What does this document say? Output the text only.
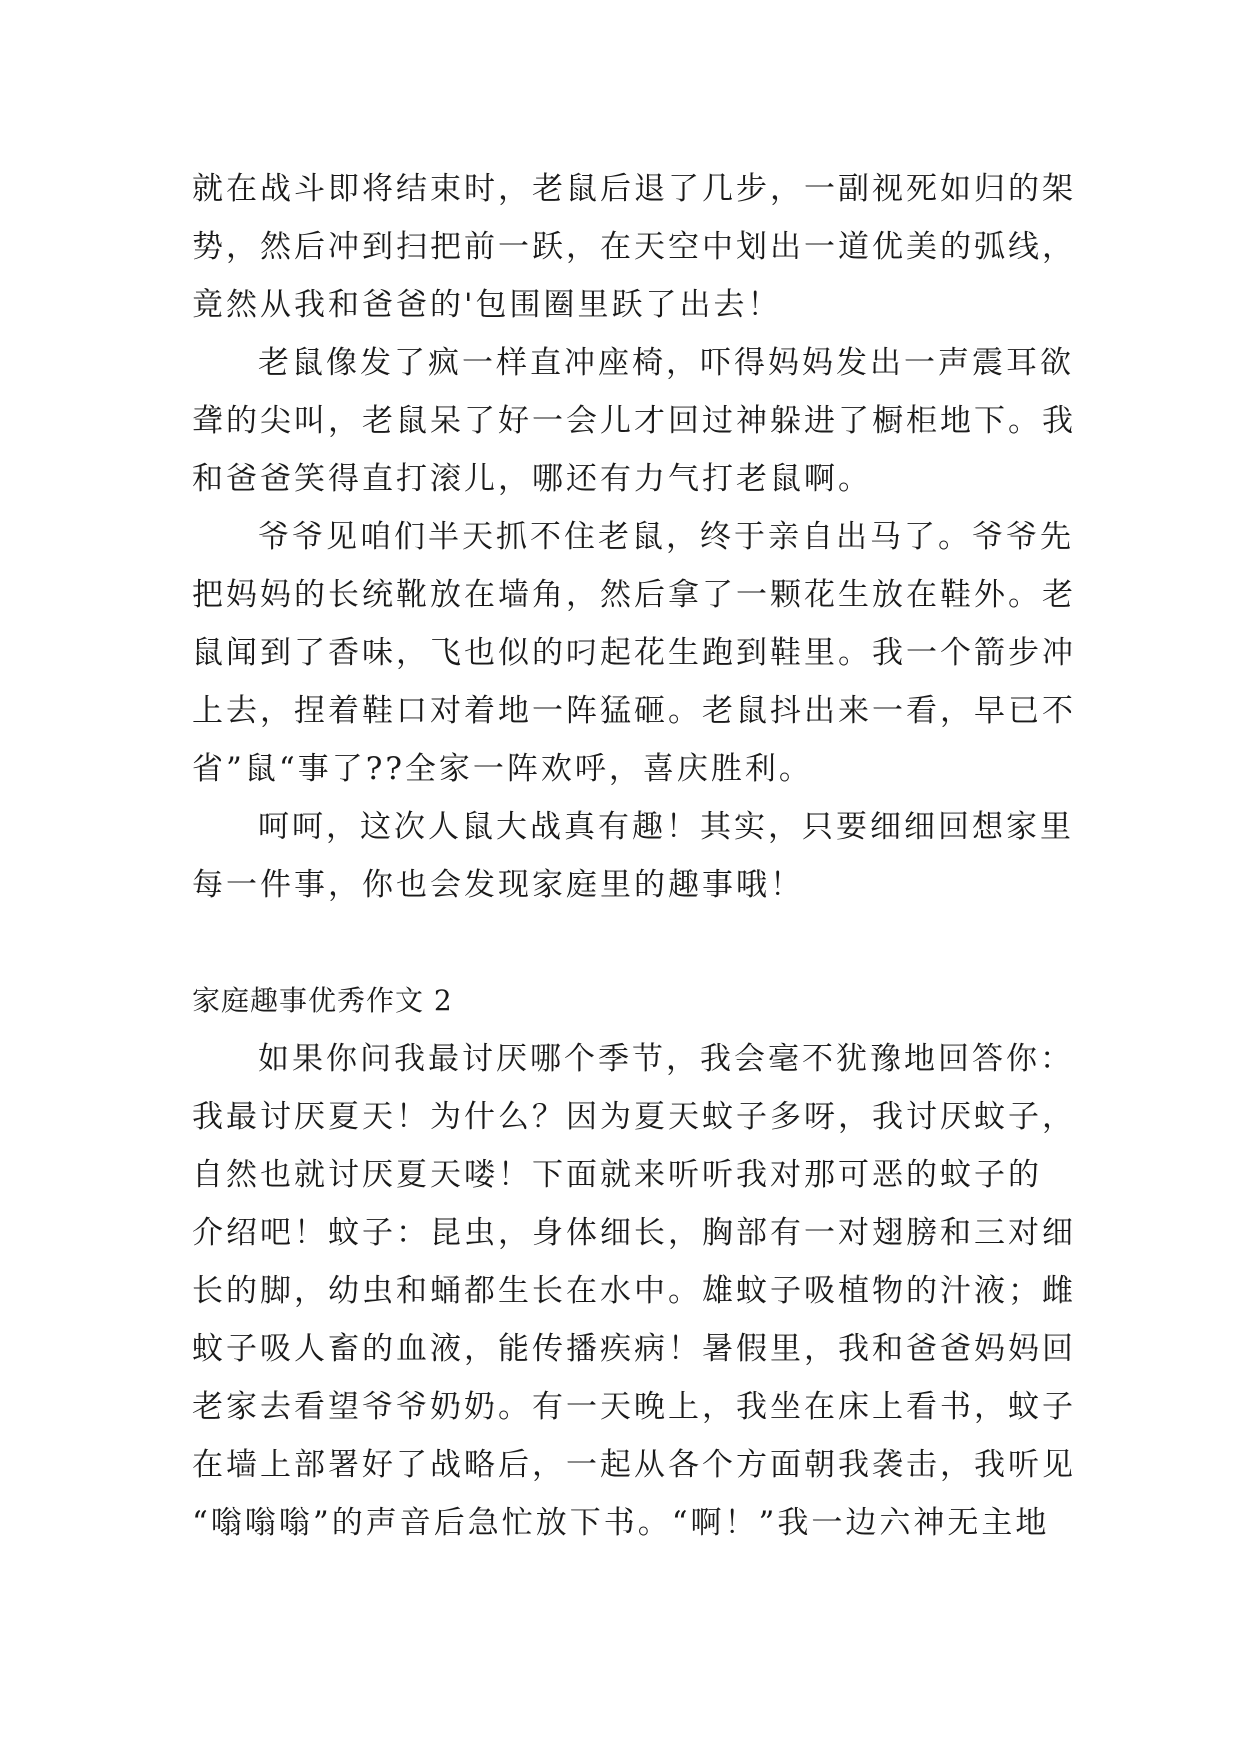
就在战斗即将结束时，老鼠后退了几步，一副视死如归的架
势，然后冲到扫把前一跃，在天空中划出一道优美的弧线，
竟然从我和爸爸的'包围圈里跃了出去！
老鼠像发了疯一样直冲座椅，吓得妈妈发出一声震耳欲
聋的尖叫，老鼠呆了好一会儿才回过神躲进了橱柜地下。我
和爸爸笑得直打滚儿，哪还有力气打老鼠啊。
爷爷见咱们半天抓不住老鼠，终于亲自出马了。爷爷先
把妈妈的长统靴放在墙角，然后拿了一颗花生放在鞋外。老
鼠闻到了香味，飞也似的叼起花生跑到鞋里。我一个箭步冲
上去，捏着鞋口对着地一阵猛砸。老鼠抖出来一看，早已不
省”鼠“事了??全家一阵欢呼，喜庆胜利。
呵呵，这次人鼠大战真有趣！其实，只要细细回想家里
每一件事，你也会发现家庭里的趣事哦！
家庭趣事优秀作文 2
如果你问我最讨厌哪个季节，我会毫不犹豫地回答你：
我最讨厌夏天！为什么？因为夏天蚊子多呀，我讨厌蚊子，
自然也就讨厌夏天喽！下面就来听听我对那可恶的蚊子的
介绍吧！蚊子：昆虫，身体细长，胸部有一对翅膀和三对细
长的脚，幼虫和蛹都生长在水中。雄蚊子吸植物的汁液；雌
蚊子吸人畜的血液，能传播疾病！暑假里，我和爸爸妈妈回
老家去看望爷爷奶奶。有一天晚上，我坐在床上看书，蚊子
在墙上部署好了战略后，一起从各个方面朝我袭击，我听见
“嗡嗡嗡”的声音后急忙放下书。“啊！”我一边六神无主地
